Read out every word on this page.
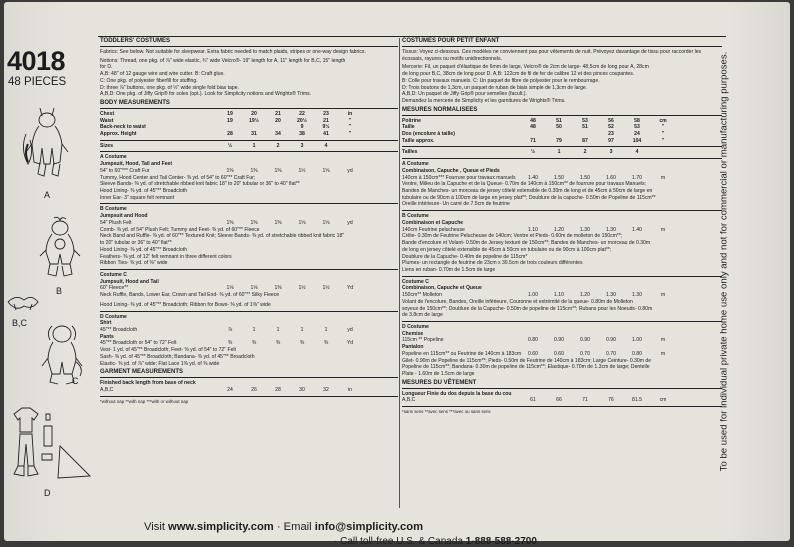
4018
48 PIECES
A
B
B,C
C
D
TODDLERS' COSTUMES
Fabrics: See below. Not suitable for sleepwear. Extra fabric needed to match plaids, stripes or one-way design fabrics.
Notions: Thread, one pkg. of ⅞" wide elastic, ¾" wide Velcro®- 19" length for A, 11" length for B,C, 15" length
for D.
A,B: 48" of 12 gauge wire and wire cutter. B: Craft glue.
C: One pkg. of polyester fiberfill for stuffing.
D: three ⅞" buttons, one pkg. of ½" wide single fold bias tape.
A,B,D: One pkg. of Jiffy Grip® for soles (opt.). Look for Simplicity notions and Wrights® Trims.
BODY MEASUREMENTS
Chest	19	20	21	22	23	in
Waist	19	19½	20	20½	21	"
Back-neck to waist	9	9½	"
Approx. Height	28	31	34	38	41	"
Sizes	½	1	2	3	4
A Costume
Jumpsuit, Hood, Tail and Feet
54" to 60"*** Craft Fur	1⅜	1⅜	1⅜	1½	1⅝	yd
Tummy, Hood Center and Tail Center- ⅜ yd. of 54" to 60"** Craft Fur;
Sleeve Bands- ⅜ yd. of stretchable ribbed knit fabric 18" to 20" tubular or 36" to 40" flat**
Hood Lining- ⅜ yd. of 45"** Broadcloth
Inner Ear- 3" square felt remnant
B Costume
Jumpsuit and Hood
54" Plush Felt	1⅜	1⅜	1⅜	1⅝	1⅝	yd
Comb- ⅜ yd. of 54" Plush Felt; Tummy and Feet- ⅜ yd. of 60"** Fleece
Neck Band and Ruffle- ⅜ yd. of 60"** Textured Knit; Sleeve Bands- ⅜ yd. of stretchable ribbed knit fabric 18"
to 20" tubular or 36" to 40" flat**
Hood Lining- ⅜ yd. of 45"** Broadcloth
Feathers- ⅜ yd. of 12" felt remnant in three different colors
Ribbon Ties- ⅜ yd. of ⅜" wide
Costume C
Jumpsuit, Hood and Tail
60" Fleece**	1⅛	1⅛	1⅜	1½	1½	Yd
Neck Ruffle, Bands, Lower Ear, Crown and Tail End- ⅜ yd. of 60"** Silky Fleece
Hood Lining- ⅜ yd. of 45"** Broadcloth; Ribbon for Bows- ⅜ yd. of 1⅜" wide
D Costume
Shirt
45"** Broadcloth	⅞	1	1	1	1	yd
Pants
45"** Broadcloth or 54" to 72" Felt	⅜	⅜	⅜	⅜	⅜	Yd
Vest- 1 yd. of 45"** Broadcloth; Feet- ⅜ yd. of 54" to 72" Felt
Sash- ⅜ yd. of 45"** Broadcloth; Bandana- ⅜ yd. of 45"** Broadcloth
Elastic- ⅜ yd. of ⅞" wide; Flat Lace 1⅜ yd. of ⅜ wide
GARMENT MEASUREMENTS
Finished back length from base of neck
A,B,C	24	26	28	30	32	in
*without nap **with nap ***with or without nap
COSTUMES POUR PETIT ENFANT
Tissus: Voyez ci-dessous. Ces modèles ne conviennent pas pour vêtements de nuit. Prévoyez davantage de tissu pour raccorder les écossais, rayures ou motifs unidirectionnels.
Mercerie: Fil, un paquet d'élastique de 6mm de large, Velcro® de 2cm de large- 48,5cm de long pour A, 28cm
de long pour B,C, 38cm de long pour D. A,B: 122cm de fil de fer de calibre 12 et des pinces coupantes.
B: Colle pour travaux manuels. C: Un paquet de fibre de polyester pour le rembourrage.
D: Trois boutons de 1,3cm, un paquet de ruban de biais simple de 1,3cm de large.
A,B,D: Un paquet de Jiffy Grip® pour semelles (facult.).
Demandez la mercerie de Simplicity et les garnitures de Wrights® Trims.
MESURES NORMALISEES
Poitrine	48	51	53	56	58	cm
Taille	48	50	51	52	53	"
Dos (encolure à taille)	23	24	"
Taille approx.	71	79	87	97	104	"
Tailles	½	1	2	3	4
A Costume
Combinaison, Capuche , Queue et Pieds
140cm à 150cm*** Fourrure pour travaux manuels	1.40	1.50	1.50	1.60	1.70	m
Ventre, Milieu de la Capuche et de la Queue- 0.70m de 140cm à 150cm** de fourrure pour travaux Manuels;
Bandes de Manches- un morceau de jersey côtelé extensible de 0.30m de long et de 45cm à 50cm de large en
tubulaire ou de 90cm à 100cm de large en jersey plat**; Doublure de la capuche- 0.50m de Popeline de 115cm**
Oreille intérieure- Un carré de 7.5cm de feutrine
B Costume
Combinaison et Capuche
140cm Feutrine pelucheuse	1.10	1.20	1.30	1.30	1.40	m
Crête- 0.30m de Feutrine Pelucheuse de 140cm; Ventre et Pieds- 0.60m de molleton de 150cm**;
Bande d'encolure et Volant- 0.50m de Jersey texturé de 150cm**; Bandes de Manches- un morceau de 0.30m
de long en jersey côtelé extensible de 45cm à 50cm en tubulaire ou de 90cm à 100cm plat**;
Doublure de la Capuche- 0.40m de popeline de 115cm*
Plumes- un rectangle de feutrine de 23cm x 30.5cm de trois couleurs différentes
Liens en ruban- 0.70m de 1.5cm de large
Costume C
Combinaison, Capuche et Queue
150cm** Molleton	1.00	1.10	1.20	1.30	1.30	m
Volant de l'encolure, Bandes, Oreille inférieure, Couronne et extrémité de la queue- 0.80m de Molleton
soyeux de 150cm**; Doublure de la Capuche- 0.50m de popeline de 115cm**; Rubans pour les Noeuds- 0.80m
de 3.8cm de large
D Costume
Chemise
115cm ** Popeline	0.80	0.90	0.90	0.90	1.00	m
Pantalon
Popeline en 115cm** ou Feutrine de 140cm à 183cm	0.60	0.60	0.70	0.70	0.80	m
Gilet- 0.90m de Popeline de 115cm**; Pieds- 0.50m de Feutrine de 140cm à 183cm; Large Ceinture- 0.30m de
Popeline de 115cm**; Bandana- 0.30m de popeline de 115cm**; Elastique- 0.70m de 1.3cm de large; Dentelle
Plate - 1.60m de 1.5cm de large
MESURES DU VÊTEMENT
Longueur Finie du dos depuis la base du cou
A,B,C	61	66	71	76	81.5	cm
*sans sens **avec sens ***avec ou sans sens	To be used for individual private home use only and not for commercial or manufacturing purposes.
Visit www.simplicity.com · Email info@simplicity.com
· Call toll-free U.S. & Canada 1-888-588-2700
